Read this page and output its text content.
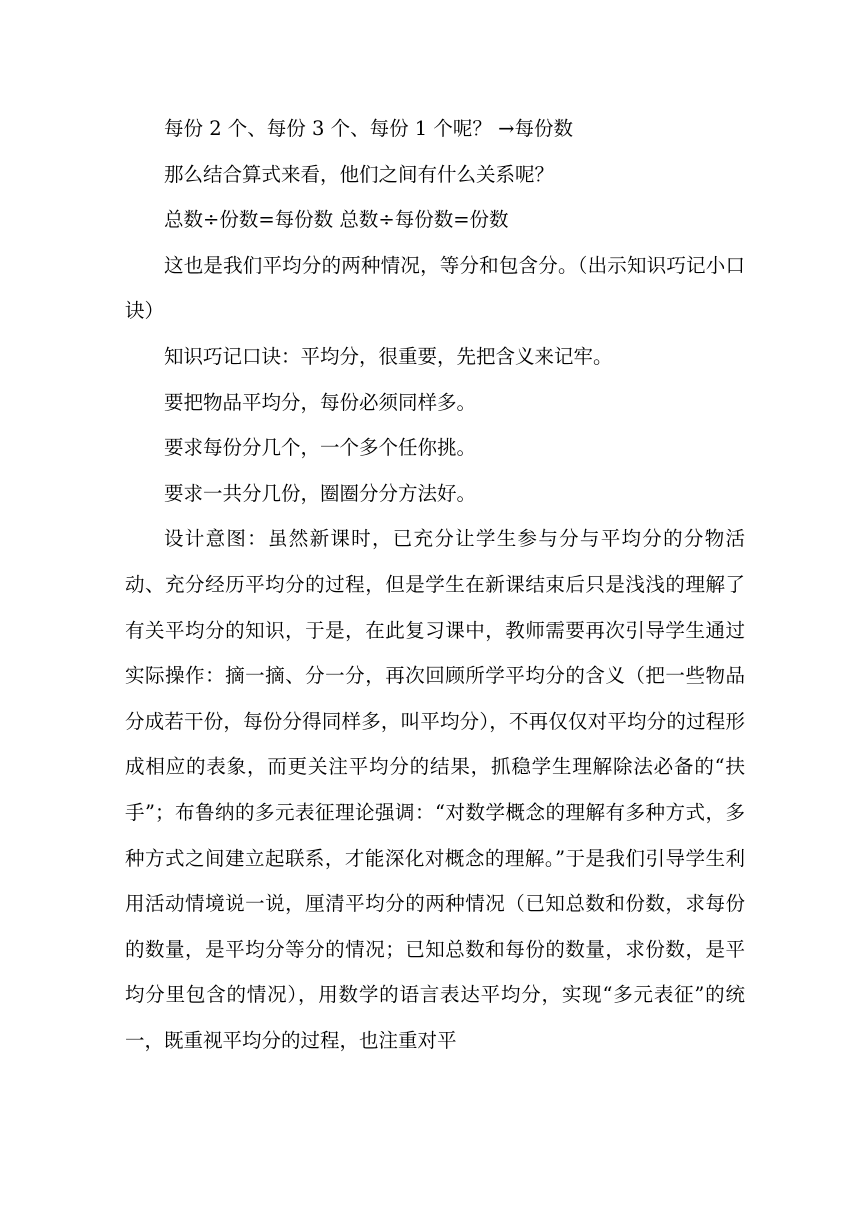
每份 2 个、每份 3 个、每份 1 个呢？ →每份数

那么结合算式来看，他们之间有什么关系呢？

总数÷份数=每份数 总数÷每份数=份数

这也是我们平均分的两种情况，等分和包含分。（出示知识巧记小口诀）

知识巧记口诀：平均分，很重要，先把含义来记牢。

要把物品平均分，每份必须同样多。

要求每份分几个，一个多个任你挑。

要求一共分几份，圈圈分分方法好。

设计意图：虽然新课时，已充分让学生参与分与平均分的分物活动、充分经历平均分的过程，但是学生在新课结束后只是浅浅的理解了有关平均分的知识，于是，在此复习课中，教师需要再次引导学生通过实际操作：摘一摘、分一分，再次回顾所学平均分的含义（把一些物品分成若干份，每份分得同样多，叫平均分），不再仅仅对平均分的过程形成相应的表象，而更关注平均分的结果，抓稳学生理解除法必备的“扶手”；布鲁纳的多元表征理论强调：“对数学概念的理解有多种方式，多种方式之间建立起联系，才能深化对概念的理解。”于是我们引导学生利用活动情境说一说，厘清平均分的两种情况（已知总数和份数，求每份的数量，是平均分等分的情况；已知总数和每份的数量，求份数，是平均分里包含的情况），用数学的语言表达平均分，实现“多元表征”的统一，既重视平均分的过程，也注重对平
